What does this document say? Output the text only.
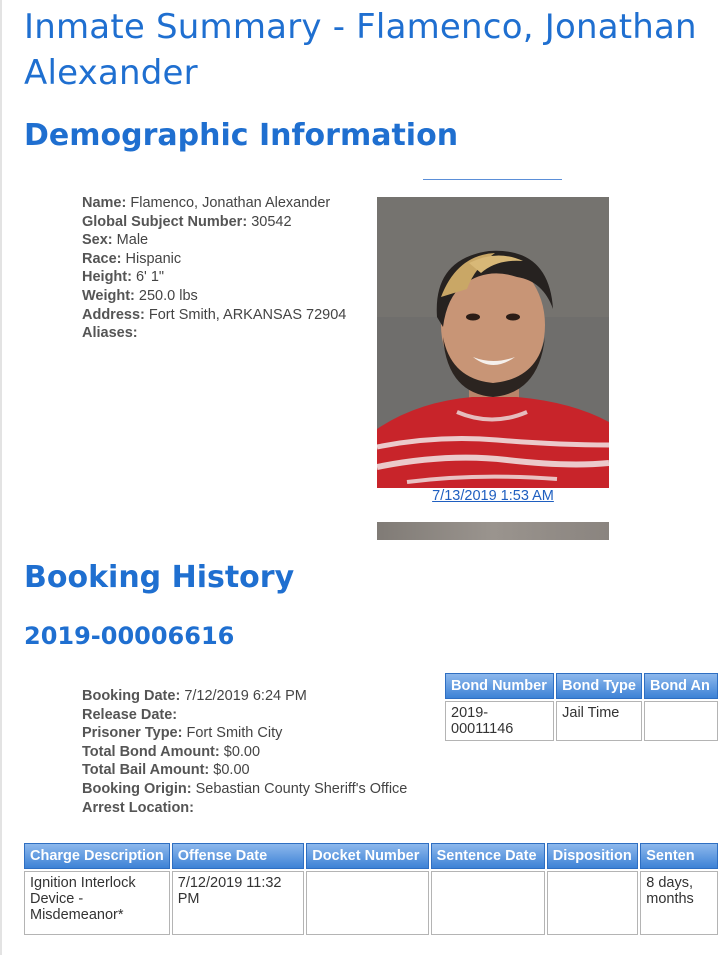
Inmate Summary - Flamenco, Jonathan Alexander
Demographic Information
Name: Flamenco, Jonathan Alexander
Global Subject Number: 30542
Sex: Male
Race: Hispanic
Height: 6' 1"
Weight: 250.0 lbs
Address: Fort Smith, ARKANSAS 72904
Aliases:
7/13/2019 1:53 AM
Booking History
2019-00006616
Booking Date: 7/12/2019 6:24 PM
Release Date:
Prisoner Type: Fort Smith City
Total Bond Amount: $0.00
Total Bail Amount: $0.00
Booking Origin: Sebastian County Sheriff's Office
Arrest Location:
Bond Number	Bond Type	Bond An
2019-00011146	Jail Time	
Charge Description	Offense Date	Docket Number	Sentence Date	Disposition	Senten
Ignition Interlock Device - Misdemeanor*	7/12/2019 11:32 PM				8 days, months
